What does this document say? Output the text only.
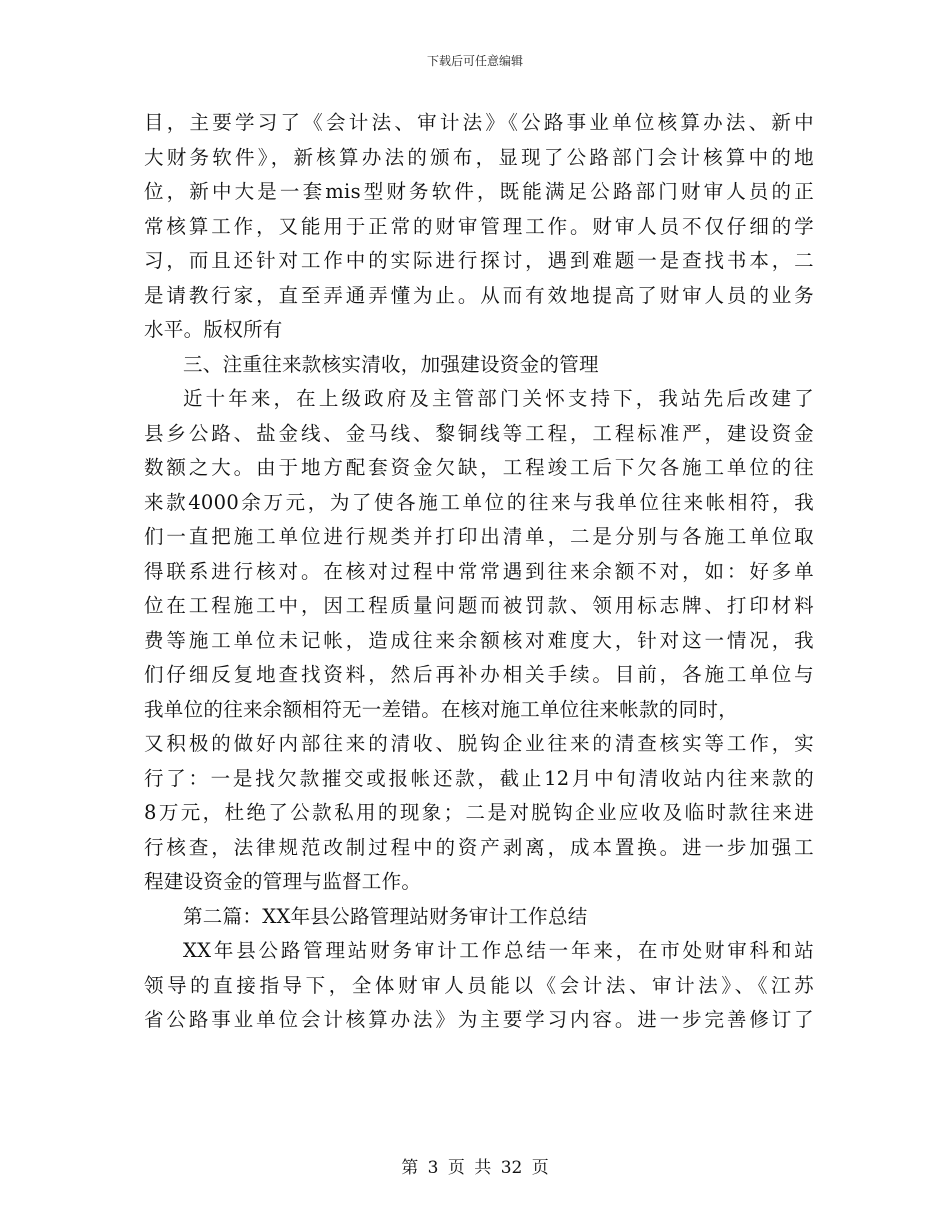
下载后可任意编辑
目，主要学习了《会计法、审计法》《公路事业单位核算办法、新中
大财务软件》，新核算办法的颁布，显现了公路部门会计核算中的地
位，新中大是一套mis型财务软件，既能满足公路部门财审人员的正
常核算工作，又能用于正常的财审管理工作。财审人员不仅仔细的学
习，而且还针对工作中的实际进行探讨，遇到难题一是查找书本，二
是请教行家，直至弄通弄懂为止。从而有效地提高了财审人员的业务
水平。版权所有
三、注重往来款核实清收，加强建设资金的管理
近十年来，在上级政府及主管部门关怀支持下，我站先后改建了
县乡公路、盐金线、金马线、黎铜线等工程，工程标准严，建设资金
数额之大。由于地方配套资金欠缺，工程竣工后下欠各施工单位的往
来款4000余万元，为了使各施工单位的往来与我单位往来帐相符，我
们一直把施工单位进行规类并打印出清单，二是分别与各施工单位取
得联系进行核对。在核对过程中常常遇到往来余额不对，如：好多单
位在工程施工中，因工程质量问题而被罚款、领用标志牌、打印材料
费等施工单位未记帐，造成往来余额核对难度大，针对这一情况，我
们仔细反复地查找资料，然后再补办相关手续。目前，各施工单位与
我单位的往来余额相符无一差错。在核对施工单位往来帐款的同时，
又积极的做好内部往来的清收、脱钩企业往来的清查核实等工作，实
行了：一是找欠款摧交或报帐还款，截止12月中旬清收站内往来款的
8万元，杜绝了公款私用的现象；二是对脱钩企业应收及临时款往来进
行核查，法律规范改制过程中的资产剥离，成本置换。进一步加强工
程建设资金的管理与监督工作。
第二篇：XX年县公路管理站财务审计工作总结
XX年县公路管理站财务审计工作总结一年来，在市处财审科和站
领导的直接指导下，全体财审人员能以《会计法、审计法》、《江苏
省公路事业单位会计核算办法》为主要学习内容。进一步完善修订了
第 3 页 共 32 页
